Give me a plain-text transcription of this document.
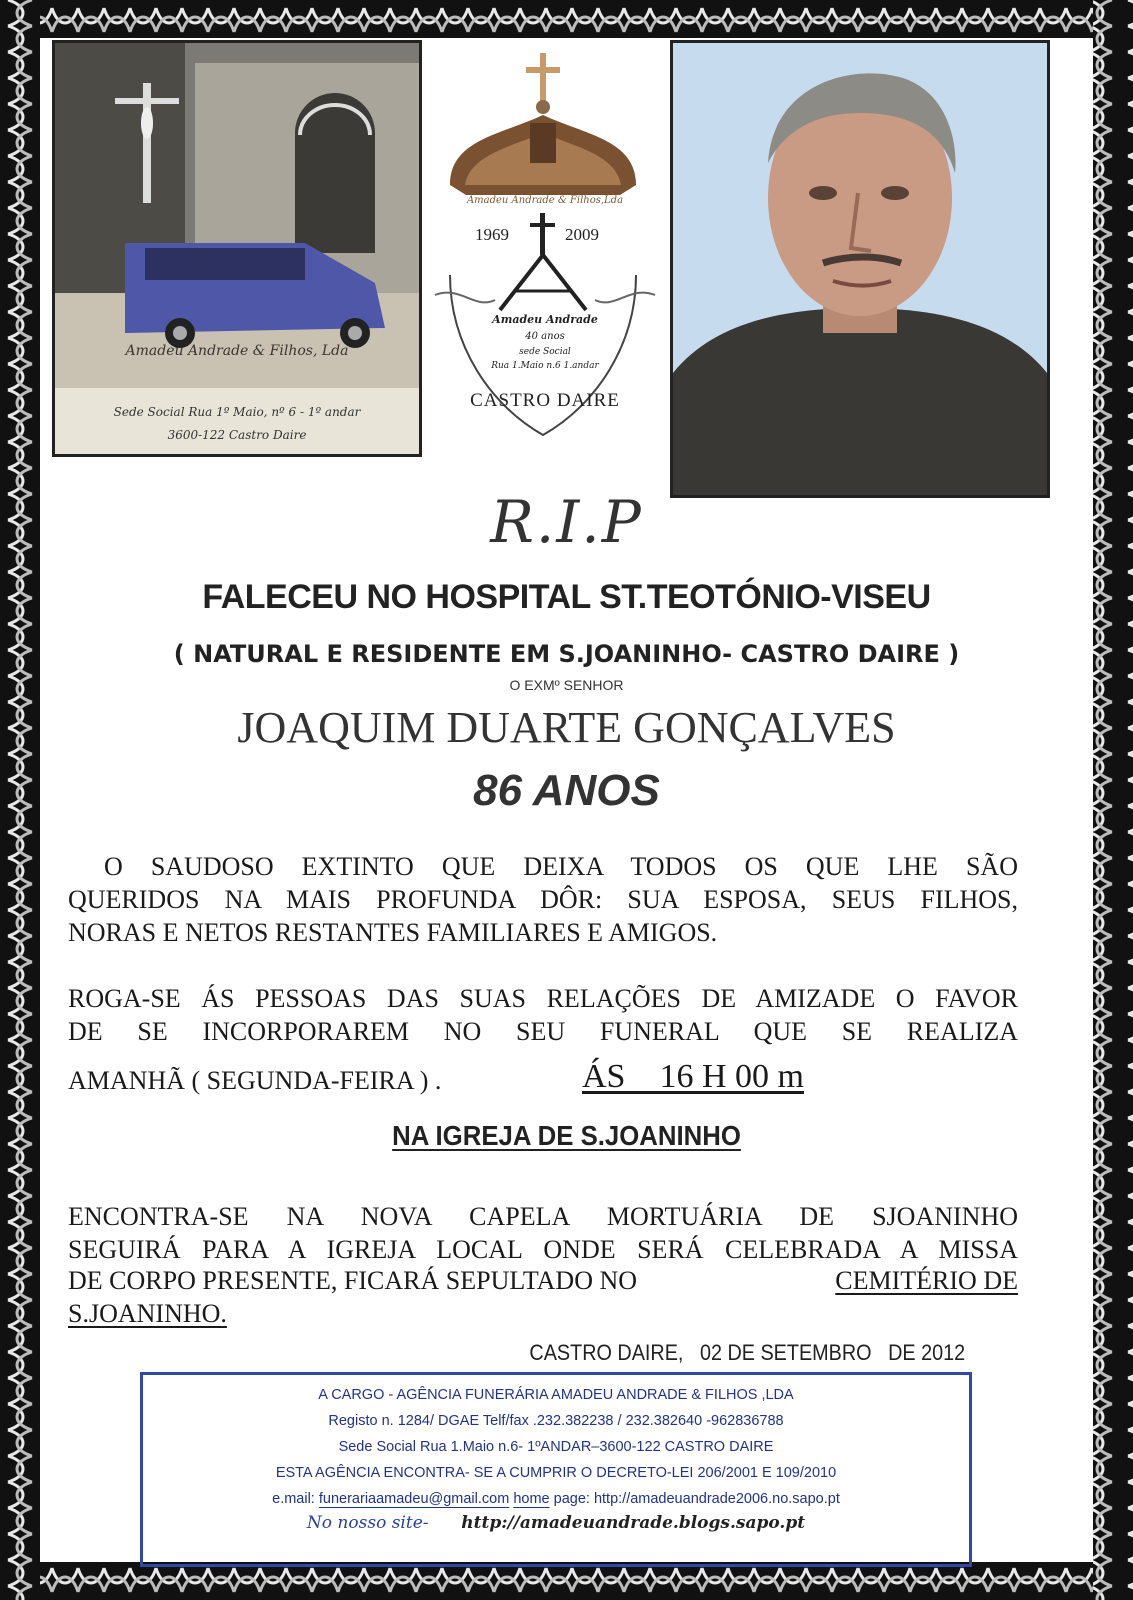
Amadeu Andrade & Filhos, Lda
Sede Social Rua 1º Maio, nº 6 - 1º andar
3600-122 Castro Daire
Amadeu Andrade & Filhos,Lda
1969	2009
Amadeu Andrade
40 anos
sede Social
Rua 1.Maio n.6 1.andar
CASTRO DAIRE
R.I.P
FALECEU NO HOSPITAL ST.TEOTÓNIO-VISEU
( NATURAL E RESIDENTE EM S.JOANINHO- CASTRO DAIRE )
O EXMº SENHOR
JOAQUIM DUARTE GONÇALVES
86 ANOS
O SAUDOSO EXTINTO QUE DEIXA TODOS OS QUE LHE SÃO
QUERIDOS NA MAIS PROFUNDA DÔR: SUA ESPOSA, SEUS FILHOS,
NORAS E NETOS RESTANTES FAMILIARES E AMIGOS.
ROGA-SE ÁS PESSOAS DAS SUAS RELAÇÕES DE AMIZADE O FAVOR
DE SE INCORPORAREM NO SEU FUNERAL QUE SE REALIZA
AMANHÃ ( SEGUNDA-FEIRA ) .	ÁS    16 H 00 m
NA IGREJA DE S.JOANINHO
ENCONTRA-SE NA NOVA CAPELA MORTUÁRIA DE SJOANINHO
SEGUIRÁ PARA A IGREJA LOCAL ONDE SERÁ CELEBRADA A MISSA
DE CORPO PRESENTE, FICARÁ SEPULTADO NO	CEMITÉRIO DE
S.JOANINHO.
CASTRO DAIRE,   02 DE SETEMBRO   DE 2012
A CARGO - AGÊNCIA FUNERÁRIA AMADEU ANDRADE & FILHOS ,LDA
Registo n. 1284/ DGAE Telf/fax .232.382238 / 232.382640 -962836788
Sede Social Rua 1.Maio n.6- 1ºANDAR–3600-122 CASTRO DAIRE
ESTA AGÊNCIA ENCONTRA- SE A CUMPRIR O DECRETO-LEI 206/2001 E 109/2010
e.mail: funerariaamadeu@gmail.com home page: http://amadeuandrade2006.no.sapo.pt
No nosso site- http://amadeuandrade.blogs.sapo.pt
